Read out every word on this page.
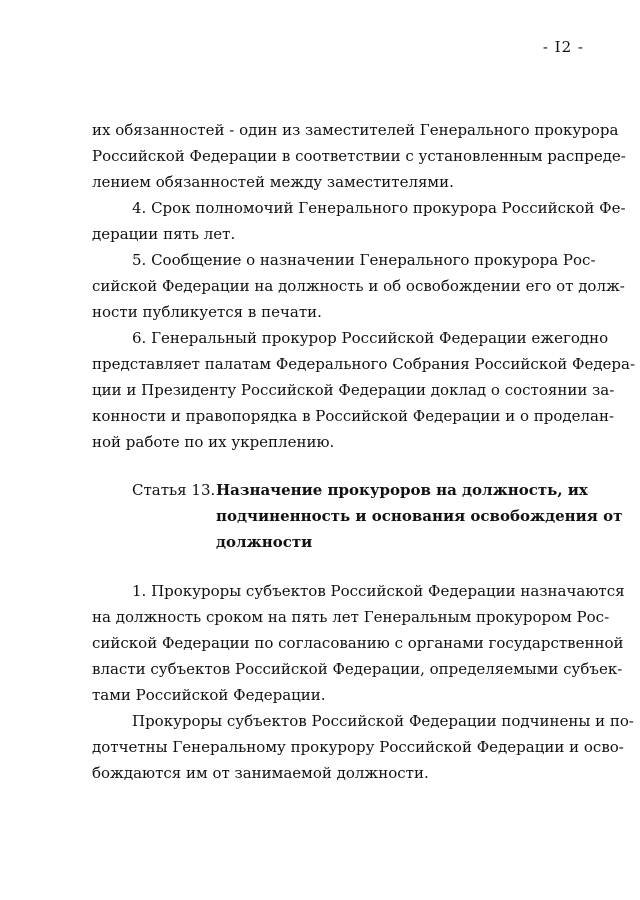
- I2 -
их обязанностей - один из заместителей Генерального прокурора
Российской Федерации в соответствии с установленным распреде-
лением обязанностей между заместителями.
4. Срок полномочий Генерального прокурора Российской Фе-
дерации пять лет.
5. Сообщение о назначении Генерального прокурора Рос-
сийской Федерации на должность и об освобождении его от долж-
ности публикуется в печати.
6. Генеральный прокурор Российской Федерации ежегодно
представляет палатам Федерального Собрания Российской Федера-
ции и Президенту Российской Федерации доклад о состоянии за-
конности и правопорядка в Российской Федерации и о проделан-
ной работе по их укреплению.
Статья 13. Назначение прокуроров на должность, их
подчиненность и основания освобождения от
должности
1. Прокуроры субъектов Российской Федерации назначаются
на должность сроком на пять лет Генеральным прокурором Рос-
сийской Федерации по согласованию с органами государственной
власти субъектов Российской Федерации, определяемыми субъек-
тами Российской Федерации.
Прокуроры субъектов Российской Федерации подчинены и по-
дотчетны Генеральному прокурору Российской Федерации и осво-
бождаются им от занимаемой должности.
